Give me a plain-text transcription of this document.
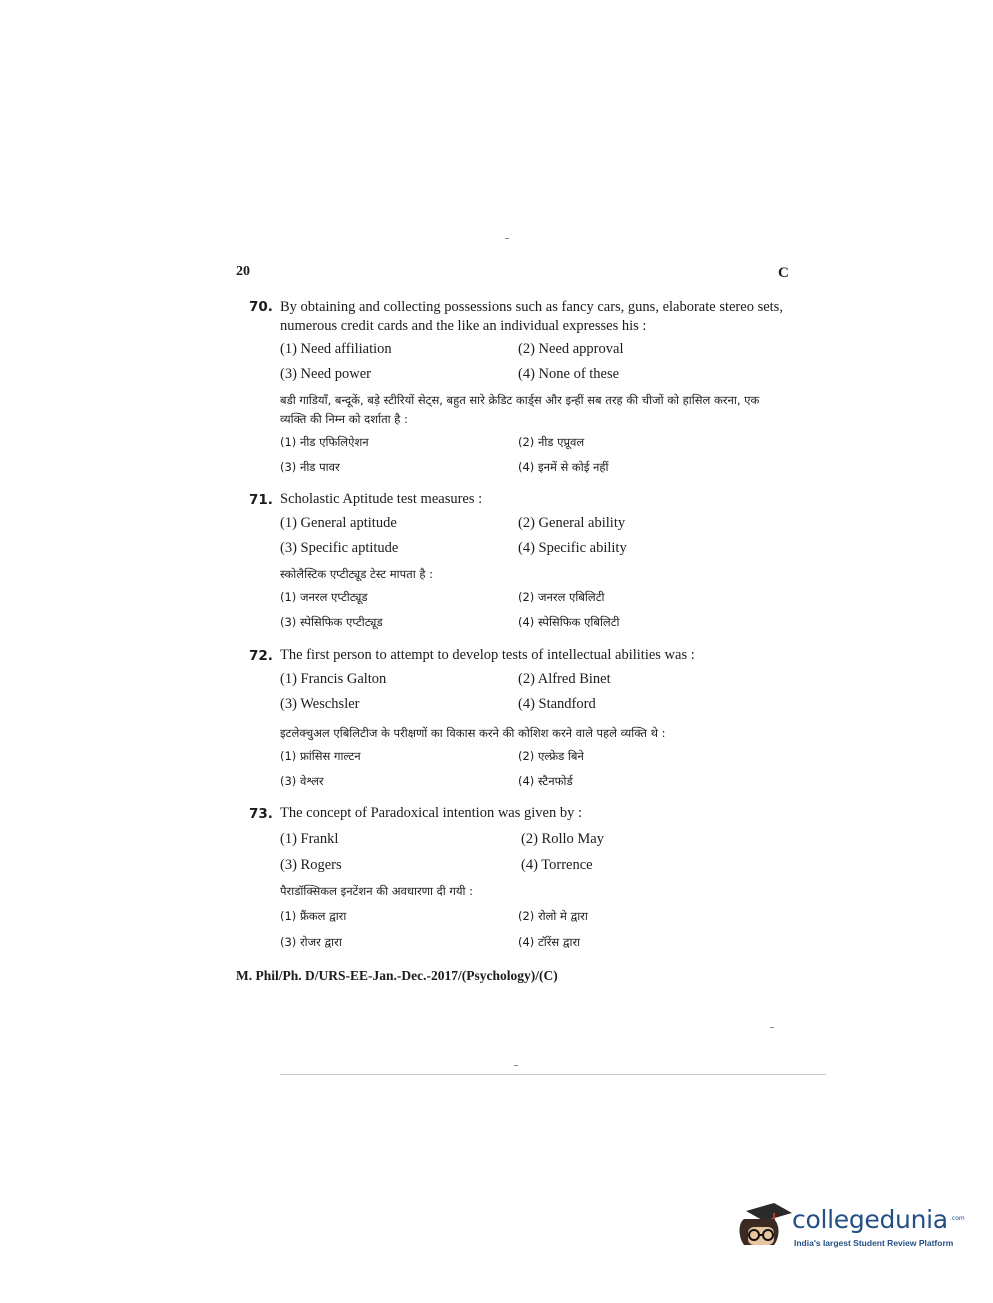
20	C
70. By obtaining and collecting possessions such as fancy cars, guns, elaborate stereo sets, numerous credit cards and the like an individual expresses his :
(1) Need affiliation	(2) Need approval
(3) Need power	(4) None of these
बडी गाडियाँ, बन्दूकें, बड़े स्टीरियों सेट्स, बहुत सारे क्रेडिट कार्ड्स और इन्हीं सब तरह की चीजों को हासिल करना, एक व्यक्ति की निम्न को दर्शाता है :
(1) नीड एफिलिऐशन	(2) नीड एप्रूवल
(3) नीड पावर	(4) इनमें से कोई नहीं
71. Scholastic Aptitude test measures :
(1) General aptitude	(2) General ability
(3) Specific aptitude	(4) Specific ability
स्कोलैस्टिक एप्टीट्यूड टेस्ट मापता है :
(1) जनरल एप्टीट्यूड	(2) जनरल एबिलिटी
(3) स्पेसिफिक एप्टीट्यूड	(4) स्पेसिफिक एबिलिटी
72. The first person to attempt to develop tests of intellectual abilities was :
(1) Francis Galton	(2) Alfred Binet
(3) Weschsler	(4) Standford
इटलेक्चुअल एबिलिटीज के परीक्षणों का विकास करने की कोशिश करने वाले पहले व्यक्ति थे :
(1) फ्रांसिस गाल्टन	(2) एल्फ्रेड बिने
(3) वेश्लर	(4) स्टैनफोर्ड
73. The concept of Paradoxical intention was given by :
(1) Frankl	(2) Rollo May
(3) Rogers	(4) Torrence
पैराडॉक्सिकल इनटेंशन की अवधारणा दी गयी :
(1) फ्रैंकल द्वारा	(2) रोलो मे द्वारा
(3) रोजर द्वारा	(4) टॉरेंस द्वारा
M. Phil/Ph. D/URS-EE-Jan.-Dec.-2017/(Psychology)/(C)
collegedunia .com
India's largest Student Review Platform
